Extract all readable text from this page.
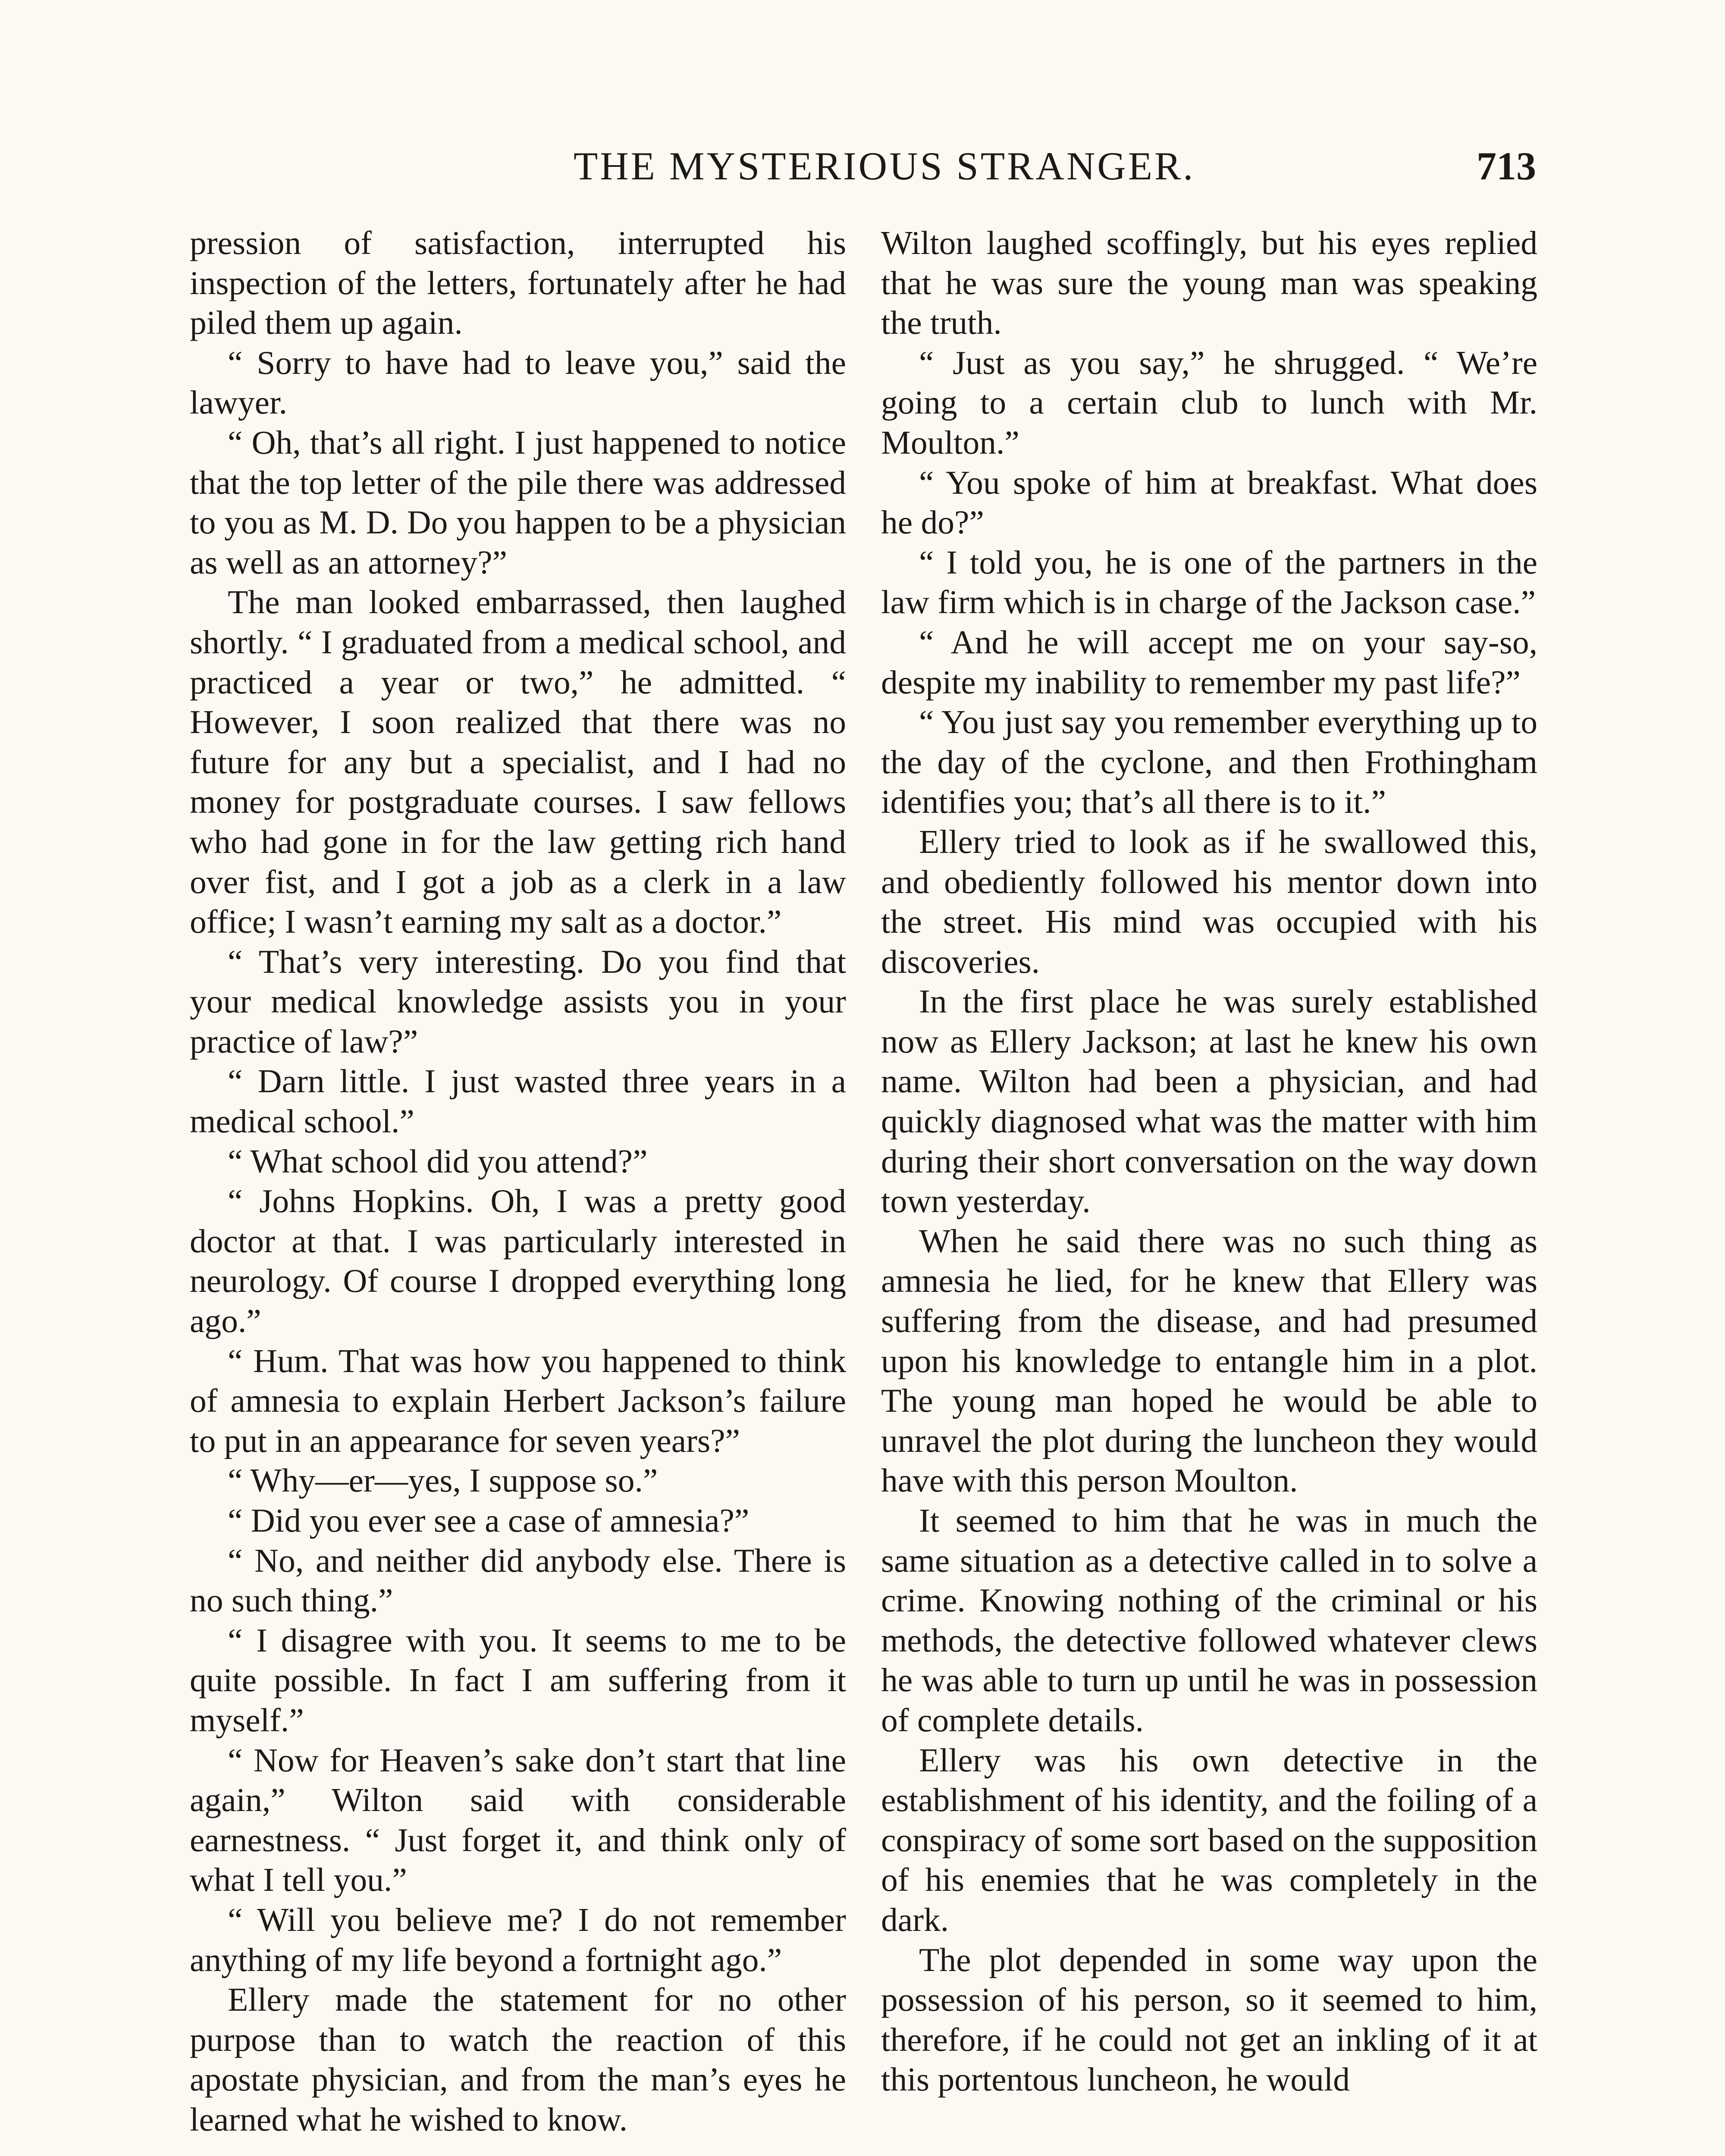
THE MYSTERIOUS STRANGER.	713

pression of satisfaction, interrupted his inspection of the letters, fortunately after he had piled them up again.

“ Sorry to have had to leave you,” said the lawyer.

“ Oh, that’s all right. I just happened to notice that the top letter of the pile there was addressed to you as M. D. Do you happen to be a physician as well as an attorney?”

The man looked embarrassed, then laughed shortly. “ I graduated from a medical school, and practiced a year or two,” he admitted. “ However, I soon realized that there was no future for any but a specialist, and I had no money for postgraduate courses. I saw fellows who had gone in for the law getting rich hand over fist, and I got a job as a clerk in a law office; I wasn’t earning my salt as a doctor.”

“ That’s very interesting. Do you find that your medical knowledge assists you in your practice of law?”

“ Darn little. I just wasted three years in a medical school.”

“ What school did you attend?”

“ Johns Hopkins. Oh, I was a pretty good doctor at that. I was particularly interested in neurology. Of course I dropped everything long ago.”

“ Hum. That was how you happened to think of amnesia to explain Herbert Jackson’s failure to put in an appearance for seven years?”

“ Why—er—yes, I suppose so.”

“ Did you ever see a case of amnesia?”

“ No, and neither did anybody else. There is no such thing.”

“ I disagree with you. It seems to me to be quite possible. In fact I am suffering from it myself.”

“ Now for Heaven’s sake don’t start that line again,” Wilton said with considerable earnestness. “ Just forget it, and think only of what I tell you.”

“ Will you believe me? I do not remember anything of my life beyond a fortnight ago.”

Ellery made the statement for no other purpose than to watch the reaction of this apostate physician, and from the man’s eyes he learned what he wished to know.

Wilton laughed scoffingly, but his eyes replied that he was sure the young man was speaking the truth.

“ Just as you say,” he shrugged. “ We’re going to a certain club to lunch with Mr. Moulton.”

“ You spoke of him at breakfast. What does he do?”

“ I told you, he is one of the partners in the law firm which is in charge of the Jackson case.”

“ And he will accept me on your say-so, despite my inability to remember my past life?”

“ You just say you remember everything up to the day of the cyclone, and then Frothingham identifies you; that’s all there is to it.”

Ellery tried to look as if he swallowed this, and obediently followed his mentor down into the street. His mind was occupied with his discoveries.

In the first place he was surely established now as Ellery Jackson; at last he knew his own name. Wilton had been a physician, and had quickly diagnosed what was the matter with him during their short conversation on the way down town yesterday.

When he said there was no such thing as amnesia he lied, for he knew that Ellery was suffering from the disease, and had presumed upon his knowledge to entangle him in a plot. The young man hoped he would be able to unravel the plot during the luncheon they would have with this person Moulton.

It seemed to him that he was in much the same situation as a detective called in to solve a crime. Knowing nothing of the criminal or his methods, the detective followed whatever clews he was able to turn up until he was in possession of complete details.

Ellery was his own detective in the establishment of his identity, and the foiling of a conspiracy of some sort based on the supposition of his enemies that he was completely in the dark.

The plot depended in some way upon the possession of his person, so it seemed to him, therefore, if he could not get an inkling of it at this portentous luncheon, he would
